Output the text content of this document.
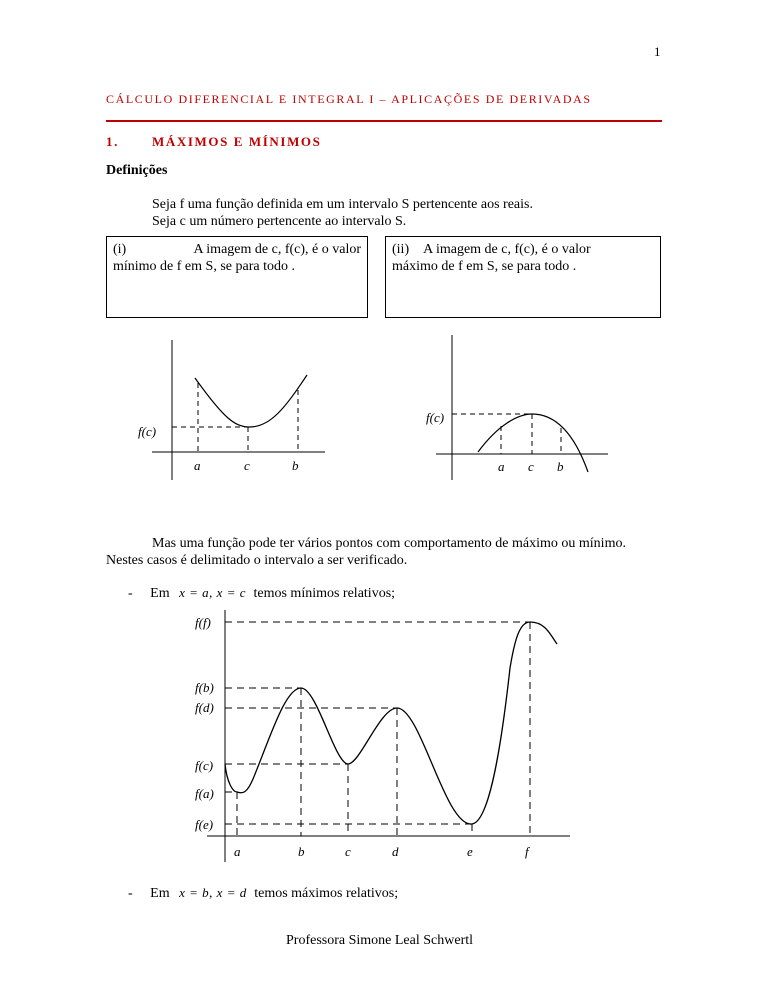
1
CÁLCULO DIFERENCIAL E INTEGRAL I – APLICAÇÕES DE DERIVADAS
1.	MÁXIMOS E MÍNIMOS
Definições
Seja f uma função definida em um intervalo S pertencente aos reais.
Seja c um número pertencente ao intervalo S.
(i)	A imagem de c, f(c), é o valor
mínimo de f em S, se para todo .
(ii) A imagem de c, f(c), é o valor
máximo de f em S, se para todo .
f(c)
a	c	b
f(c)
a c b
Mas uma função pode ter vários pontos com comportamento de máximo ou mínimo.
Nestes casos é delimitado o intervalo a ser verificado.
- Em x = a, x = c temos mínimos relativos;
f(f)
f(b)
f(d)
f(c)
f(a)
f(e)
a	b	c	d	e	f
- Em x = b, x = d temos máximos relativos;
Professora Simone Leal Schwertl
